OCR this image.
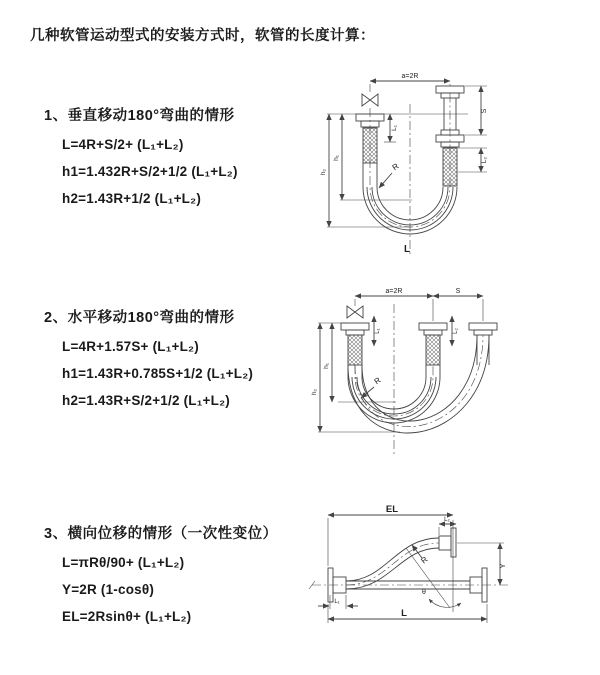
几种软管运动型式的安装方式时，软管的长度计算：
1、垂直移动180°弯曲的情形
L=4R+S/2+ (L₁+L₂)
h1=1.432R+S/2+1/2 (L₁+L₂)
h2=1.43R+1/2 (L₁+L₂)
2、水平移动180°弯曲的情形
L=4R+1.57S+ (L₁+L₂)
h1=1.43R+0.785S+1/2 (L₁+L₂)
h2=1.43R+S/2+1/2 (L₁+L₂)
3、横向位移的情形（一次性变位）
L=πRθ/90+ (L₁+L₂)
Y=2R (1-cosθ)
EL=2Rsinθ+ (L₁+L₂)
a=2R
L₁
S
L₂
h₁
h₂	R
L
a=2R	S
L₁	L₂
h₁
h₂
R
EL
L₂
Y
R
θ
L
L₁
